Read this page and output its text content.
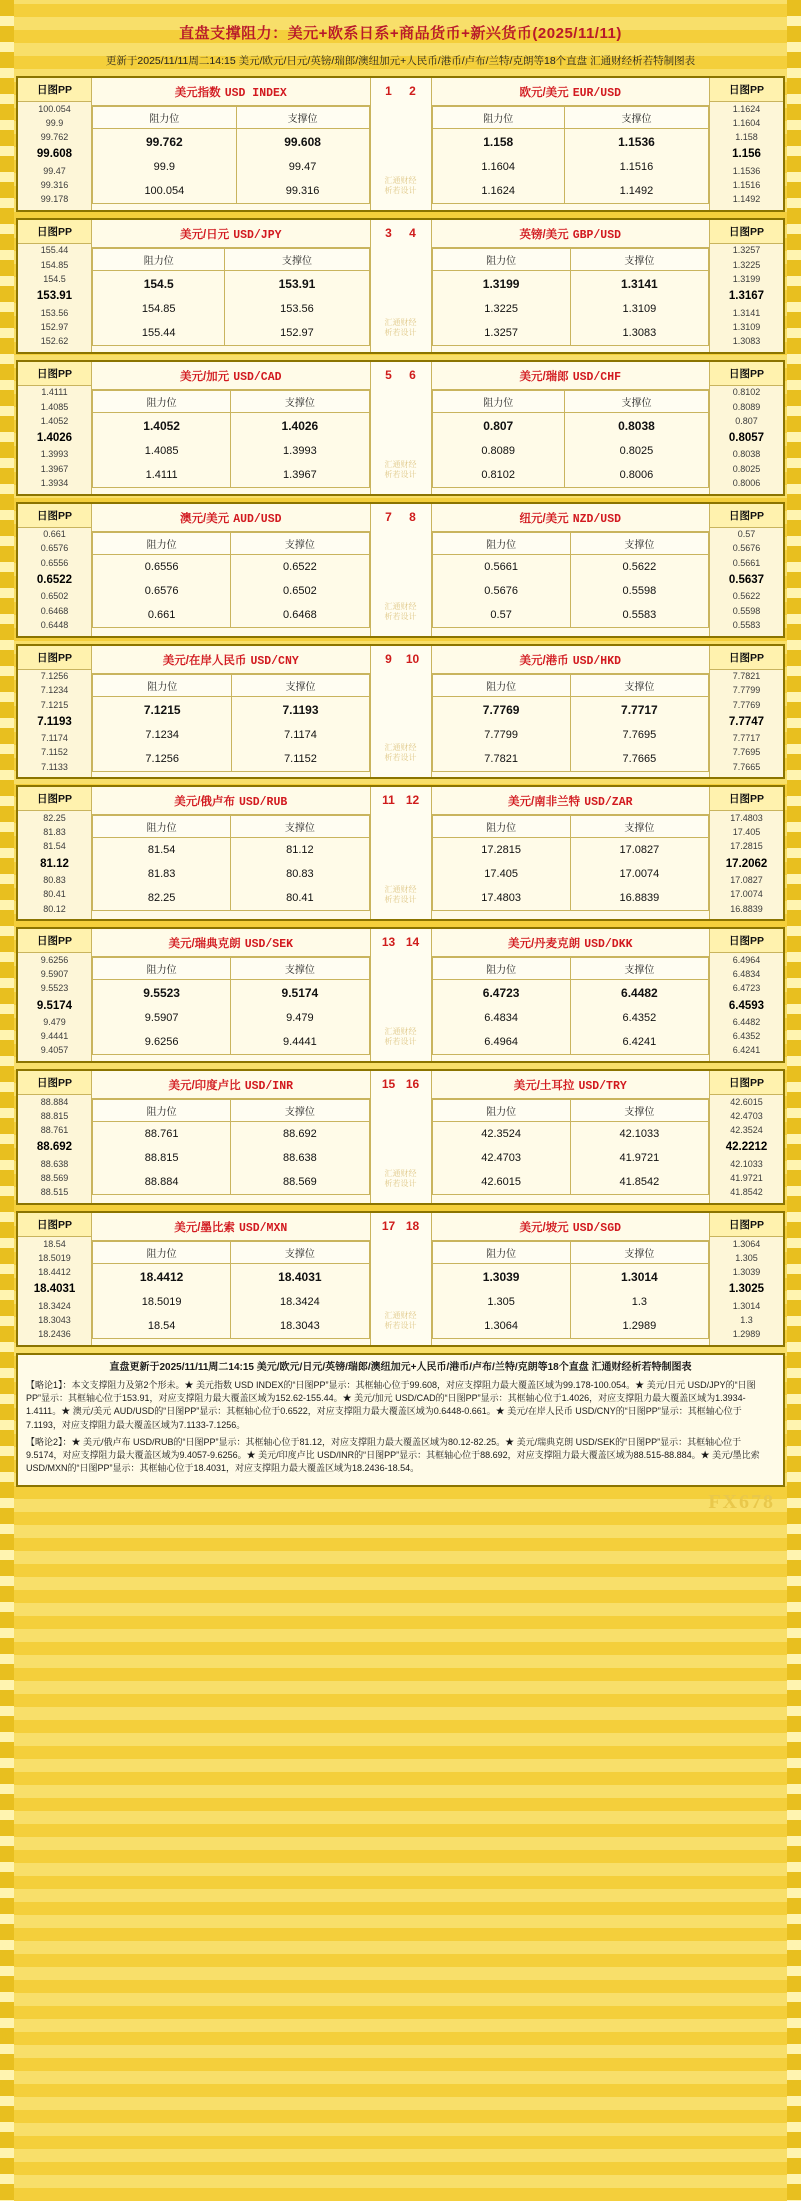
直盘支撑阻力：美元+欧系日系+商品货币+新兴货币(2025/11/11)
更新于2025/11/11周二14:15 美元/欧元/日元/英镑/瑞郎/澳纽加元+人民币/港币/卢布/兰特/克朗等18个直盘 汇通财经析若特制图表
日图PP
100.054
99.9
99.762
99.608
99.47
99.316
99.178
美元指数 USD INDEX
阻力位	支撑位
99.762	99.608
99.9	99.47
100.054	99.316
1 2
汇通财经
析若设计
欧元/美元 EUR/USD
阻力位	支撑位
1.158	1.1536
1.1604	1.1516
1.1624	1.1492
日图PP
1.1624
1.1604
1.158
1.156
1.1536
1.1516
1.1492
日图PP
155.44
154.85
154.5
153.91
153.56
152.97
152.62
美元/日元 USD/JPY
阻力位	支撑位
154.5	153.91
154.85	153.56
155.44	152.97
3 4
汇通财经
析若设计
英镑/美元 GBP/USD
阻力位	支撑位
1.3199	1.3141
1.3225	1.3109
1.3257	1.3083
日图PP
1.3257
1.3225
1.3199
1.3167
1.3141
1.3109
1.3083
日图PP
1.4111
1.4085
1.4052
1.4026
1.3993
1.3967
1.3934
美元/加元 USD/CAD
阻力位	支撑位
1.4052	1.4026
1.4085	1.3993
1.4111	1.3967
5 6
汇通财经
析若设计
美元/瑞郎 USD/CHF
阻力位	支撑位
0.807	0.8038
0.8089	0.8025
0.8102	0.8006
日图PP
0.8102
0.8089
0.807
0.8057
0.8038
0.8025
0.8006
日图PP
0.661
0.6576
0.6556
0.6522
0.6502
0.6468
0.6448
澳元/美元 AUD/USD
阻力位	支撑位
0.6556	0.6522
0.6576	0.6502
0.661	0.6468
7 8
汇通财经
析若设计
纽元/美元 NZD/USD
阻力位	支撑位
0.5661	0.5622
0.5676	0.5598
0.57	0.5583
日图PP
0.57
0.5676
0.5661
0.5637
0.5622
0.5598
0.5583
日图PP
7.1256
7.1234
7.1215
7.1193
7.1174
7.1152
7.1133
美元/在岸人民币 USD/CNY
阻力位	支撑位
7.1215	7.1193
7.1234	7.1174
7.1256	7.1152
9 10
汇通财经
析若设计
美元/港币 USD/HKD
阻力位	支撑位
7.7769	7.7717
7.7799	7.7695
7.7821	7.7665
日图PP
7.7821
7.7799
7.7769
7.7747
7.7717
7.7695
7.7665
日图PP
82.25
81.83
81.54
81.12
80.83
80.41
80.12
美元/俄卢布 USD/RUB
阻力位	支撑位
81.54	81.12
81.83	80.83
82.25	80.41
11 12
汇通财经
析若设计
美元/南非兰特 USD/ZAR
阻力位	支撑位
17.2815	17.0827
17.405	17.0074
17.4803	16.8839
日图PP
17.4803
17.405
17.2815
17.2062
17.0827
17.0074
16.8839
日图PP
9.6256
9.5907
9.5523
9.5174
9.479
9.4441
9.4057
美元/瑞典克朗 USD/SEK
阻力位	支撑位
9.5523	9.5174
9.5907	9.479
9.6256	9.4441
13 14
汇通财经
析若设计
美元/丹麦克朗 USD/DKK
阻力位	支撑位
6.4723	6.4482
6.4834	6.4352
6.4964	6.4241
日图PP
6.4964
6.4834
6.4723
6.4593
6.4482
6.4352
6.4241
日图PP
88.884
88.815
88.761
88.692
88.638
88.569
88.515
美元/印度卢比 USD/INR
阻力位	支撑位
88.761	88.692
88.815	88.638
88.884	88.569
15 16
汇通财经
析若设计
美元/土耳拉 USD/TRY
阻力位	支撑位
42.3524	42.1033
42.4703	41.9721
42.6015	41.8542
日图PP
42.6015
42.4703
42.3524
42.2212
42.1033
41.9721
41.8542
日图PP
18.54
18.5019
18.4412
18.4031
18.3424
18.3043
18.2436
美元/墨比索 USD/MXN
阻力位	支撑位
18.4412	18.4031
18.5019	18.3424
18.54	18.3043
17 18
汇通财经
析若设计
美元/坡元 USD/SGD
阻力位	支撑位
1.3039	1.3014
1.305	1.3
1.3064	1.2989
日图PP
1.3064
1.305
1.3039
1.3025
1.3014
1.3
1.2989
直盘更新于2025/11/11周二14:15 美元/欧元/日元/英镑/瑞郎/澳纽加元+人民币/港币/卢布/兰特/克朗等18个直盘 汇通财经析若特制图表

【略论1】：本文支撑阻力及第2个形未。★ 美元指数 USD INDEX的“日图PP”显示：其框轴心位于99.608，对应支撑阻力最大覆盖区域为99.178-100.054。★ 美元/日元 USD/JPY的“日图PP”显示：其框轴心位于153.91，对应支撑阻力最大覆盖区域为152.62-155.44。★ 美元/加元 USD/CAD的“日图PP”显示：其框轴心位于1.4026，对应支撑阻力最大覆盖区域为1.3934-1.4111。★ 澳元/美元 AUD/USD的“日图PP”显示：其框轴心位于0.6522，对应支撑阻力最大覆盖区域为0.6448-0.661。★ 美元/在岸人民币 USD/CNY的“日图PP”显示：其框轴心位于7.1193，对应支撑阻力最大覆盖区域为7.1133-7.1256。

【略论2】：★ 美元/俄卢布 USD/RUB的“日图PP”显示：其框轴心位于81.12，对应支撑阻力最大覆盖区域为80.12-82.25。★ 美元/瑞典克朗 USD/SEK的“日图PP”显示：其框轴心位于9.5174，对应支撑阻力最大覆盖区域为9.4057-9.6256。★ 美元/印度卢比 USD/INR的“日图PP”显示：其框轴心位于88.692，对应支撑阻力最大覆盖区域为88.515-88.884。★ 美元/墨比索 USD/MXN的“日图PP”显示：其框轴心位于18.4031，对应支撑阻力最大覆盖区域为18.2436-18.54。

FX678
